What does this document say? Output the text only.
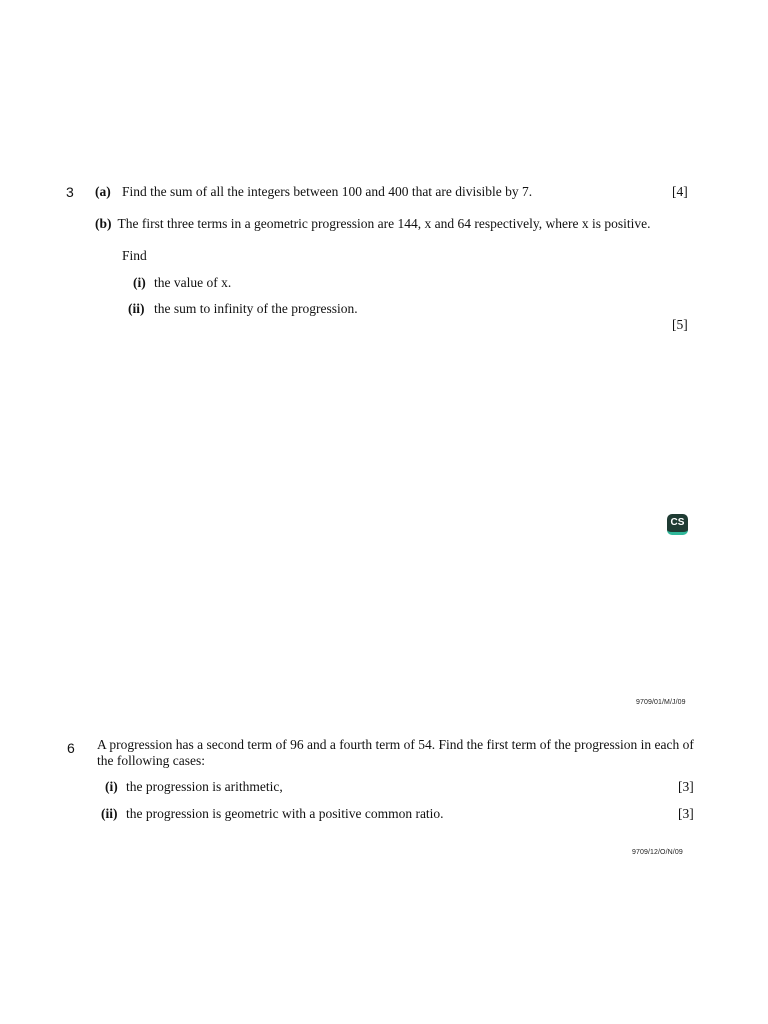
3 (a) Find the sum of all the integers between 100 and 400 that are divisible by 7.	[4]
(b) The first three terms in a geometric progression are 144, x and 64 respectively, where x is positive.
Find
(i) the value of x.
(ii) the sum to infinity of the progression.
[5]
CS
9709/01/M/J/09
6 A progression has a second term of 96 and a fourth term of 54. Find the first term of the progression in each of the following cases:
(i) the progression is arithmetic,	[3]
(ii) the progression is geometric with a positive common ratio.	[3]
9709/12/O/N/09
